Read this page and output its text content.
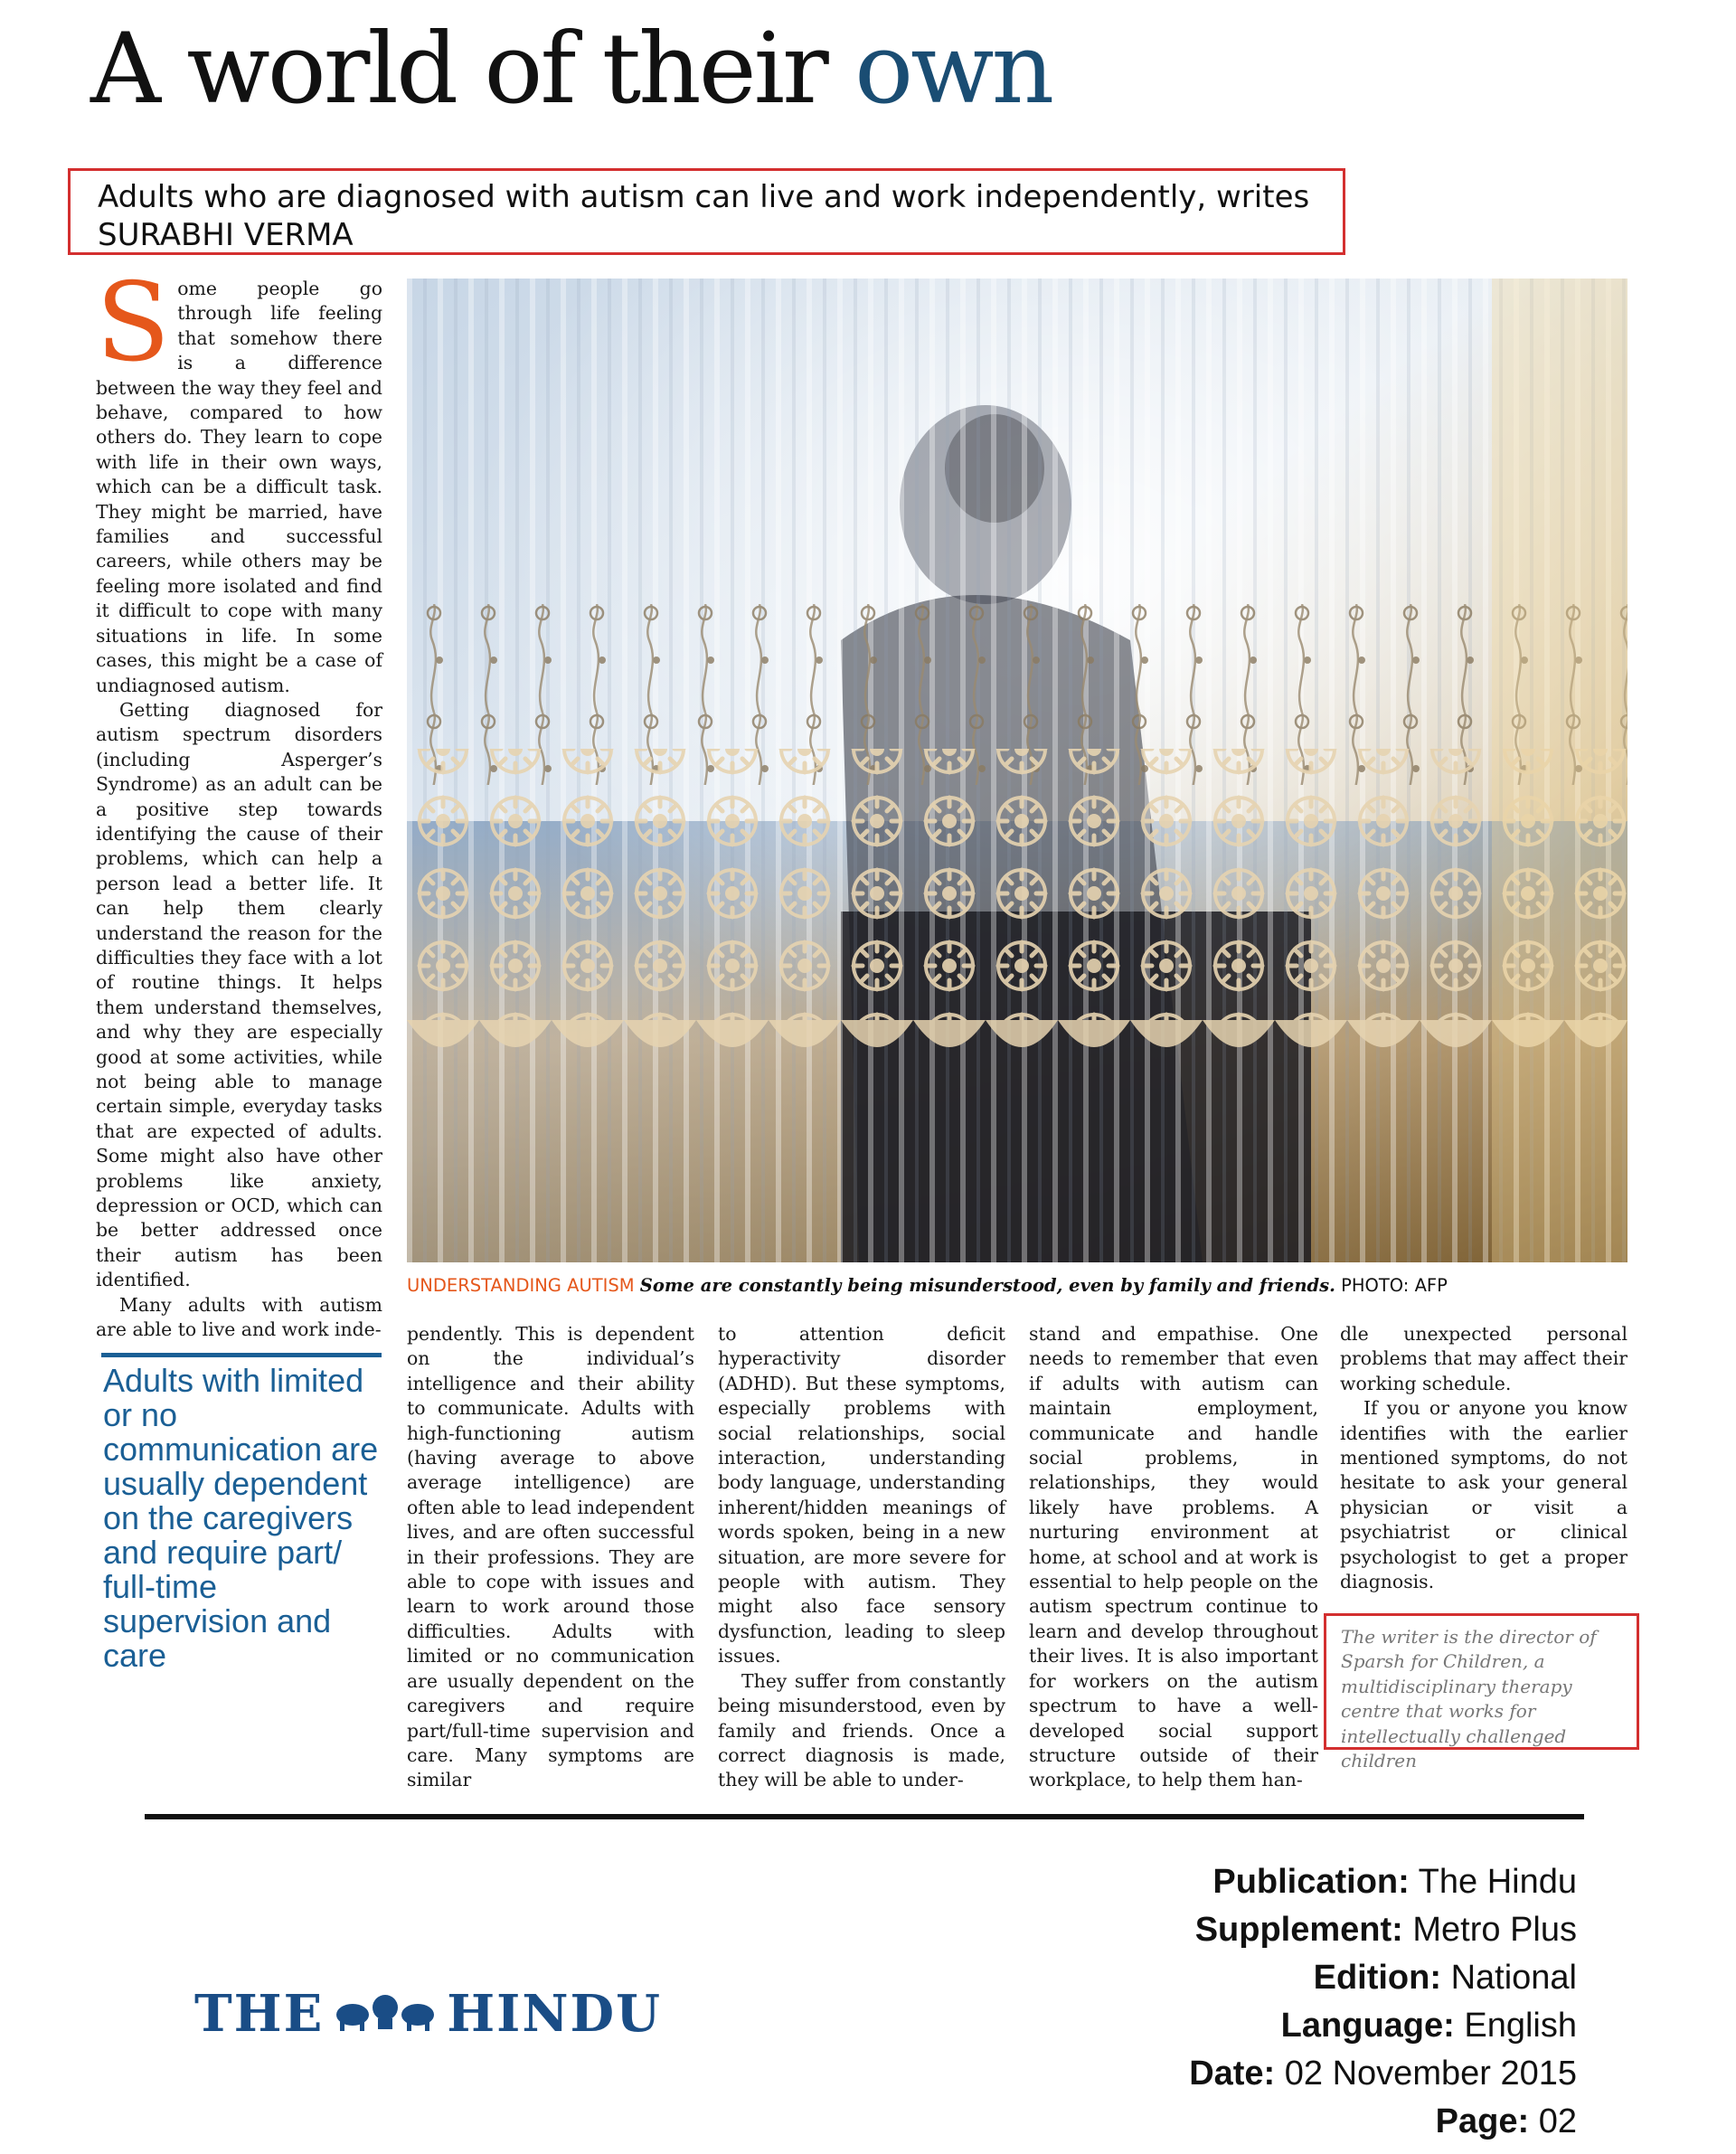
A world of their own
Adults who are diagnosed with autism can live and work independently, writes
SURABHI VERMA

Some people go through life feeling that somehow there is a difference between the way they feel and behave, compared to how others do. They learn to cope with life in their own ways, which can be a difficult task. They might be married, have families and successful careers, while others may be feeling more isolated and find it difficult to cope with many situations in life. In some cases, this might be a case of undiagnosed autism.

Getting diagnosed for autism spectrum disorders (including Asperger’s Syndrome) as an adult can be a positive step towards identifying the cause of their problems, which can help a person lead a better life. It can help them clearly understand the reason for the difficulties they face with a lot of routine things. It helps them understand themselves, and why they are especially good at some activities, while not being able to manage certain simple, everyday tasks that are expected of adults. Some might also have other problems like anxiety, depression or OCD, which can be better addressed once their autism has been identified.

Many adults with autism are able to live and work inde-

Adults with limited or no communication are usually dependent on the caregivers and require part/ full-time supervision and care
UNDERSTANDING AUTISM Some are constantly being misunderstood, even by family and friends. PHOTO: AFP

pendently. This is dependent on the individual’s intelligence and their ability to communicate. Adults with high-functioning autism (having average to above average intelligence) are often able to lead independent lives, and are often successful in their professions. They are able to cope with issues and learn to work around those difficulties. Adults with limited or no communication are usually dependent on the caregivers and require part/full-time supervision and care. Many symptoms are similar

to attention deficit hyperactivity disorder (ADHD). But these symptoms, especially problems with social relationships, social interaction, understanding body language, understanding inherent/hidden meanings of words spoken, being in a new situation, are more severe for people with autism. They might also face sensory dysfunction, leading to sleep issues.

They suffer from constantly being misunderstood, even by family and friends. Once a correct diagnosis is made, they will be able to under-

stand and empathise. One needs to remember that even if adults with autism can maintain employment, communicate and handle social problems, in relationships, they would likely have problems. A nurturing environment at home, at school and at work is essential to help people on the autism spectrum continue to learn and develop throughout their lives. It is also important for workers on the autism spectrum to have a well-developed social support structure outside of their workplace, to help them han-

dle unexpected personal problems that may affect their working schedule.

If you or anyone you know identifies with the earlier mentioned symptoms, do not hesitate to ask your general physician or visit a psychiatrist or clinical psychologist to get a proper diagnosis.

The writer is the director of Sparsh for Children, a multidisciplinary therapy centre that works for intellectually challenged children
THE HINDU
Publication: The Hindu
Supplement: Metro Plus
Edition: National
Language: English
Date: 02 November 2015
Page: 02
